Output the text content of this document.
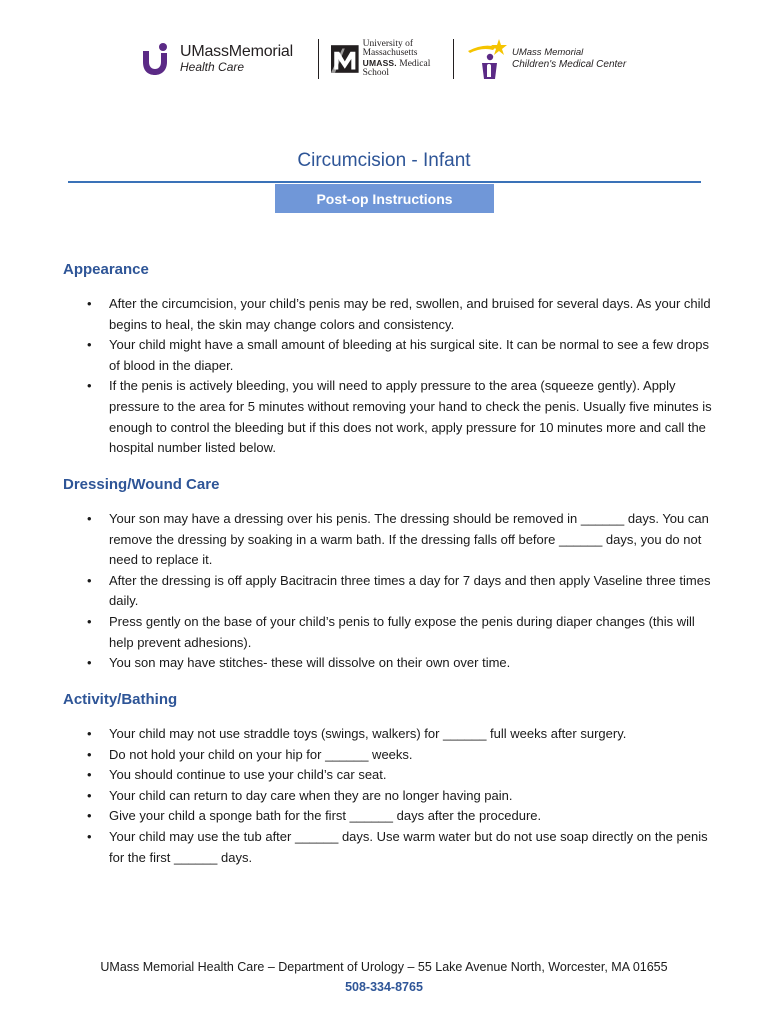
UMassMemorial
Health Care
University of
Massachusetts
UMASS. Medical School
UMass Memorial
Children's Medical Center
Circumcision - Infant
Post-op Instructions
Appearance
• After the circumcision, your child’s penis may be red, swollen, and bruised for several days. As your child begins to heal, the skin may change colors and consistency.
• Your child might have a small amount of bleeding at his surgical site. It can be normal to see a few drops of blood in the diaper.
• If the penis is actively bleeding, you will need to apply pressure to the area (squeeze gently). Apply pressure to the area for 5 minutes without removing your hand to check the penis. Usually five minutes is enough to control the bleeding but if this does not work, apply pressure for 10 minutes more and call the hospital number listed below.
Dressing/Wound Care
• Your son may have a dressing over his penis. The dressing should be removed in ______ days. You can remove the dressing by soaking in a warm bath. If the dressing falls off before ______ days, you do not need to replace it.
• After the dressing is off apply Bacitracin three times a day for 7 days and then apply Vaseline three times daily.
• Press gently on the base of your child’s penis to fully expose the penis during diaper changes (this will help prevent adhesions).
• You son may have stitches- these will dissolve on their own over time.
Activity/Bathing
• Your child may not use straddle toys (swings, walkers) for ______ full weeks after surgery.
• Do not hold your child on your hip for ______ weeks.
• You should continue to use your child’s car seat.
• Your child can return to day care when they are no longer having pain.
• Give your child a sponge bath for the first ______ days after the procedure.
• Your child may use the tub after ______ days. Use warm water but do not use soap directly on the penis for the first ______ days.
UMass Memorial Health Care – Department of Urology – 55 Lake Avenue North, Worcester, MA 01655
508-334-8765
